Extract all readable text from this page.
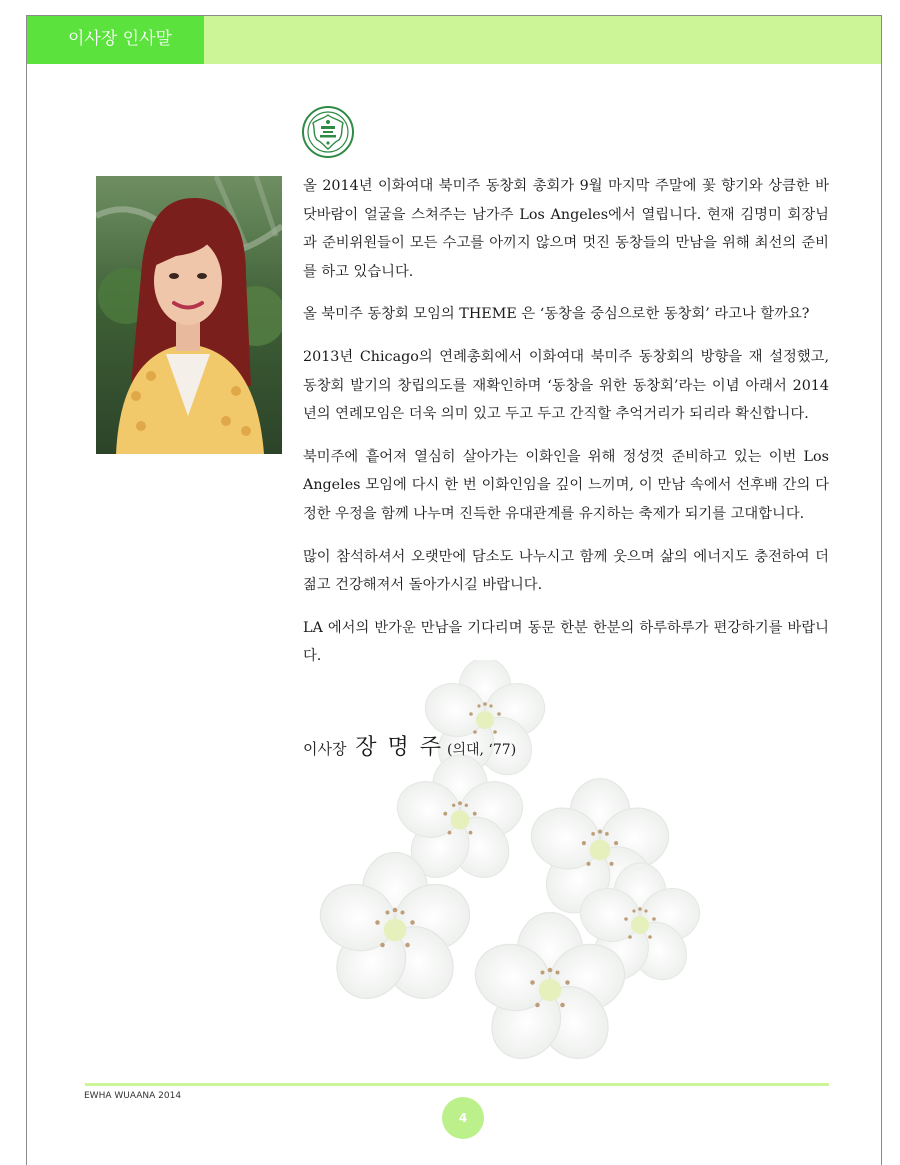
이사장 인사말

올 2014년 이화여대 북미주 동창회 총회가 9월 마지막 주말에 꽃 향기와 상큼한 바닷바람이 얼굴을 스쳐주는 남가주 Los Angeles에서 열립니다. 현재 김명미 회장님과 준비위원들이 모든 수고를 아끼지 않으며 멋진 동창들의 만남을 위해 최선의 준비를 하고 있습니다.

올 북미주 동창회 모임의 THEME 은 ‘동창을 중심으로한 동창회’ 라고나 할까요?

2013년 Chicago의 연례총회에서 이화여대 북미주 동창회의 방향을 재 설정했고, 동창회 발기의 창립의도를 재확인하며 ‘동창을 위한 동창회’라는 이념 아래서 2014년의 연례모임은 더욱 의미 있고 두고 두고 간직할 추억거리가 되리라 확신합니다.

북미주에 흩어져 열심히 살아가는 이화인을 위해 정성껏 준비하고 있는 이번 Los Angeles 모임에 다시 한 번 이화인임을 깊이 느끼며, 이 만남 속에서 선후배 간의 다정한 우정을 함께 나누며 진득한 유대관계를 유지하는 축제가 되기를 고대합니다.

많이 참석하셔서 오랫만에 담소도 나누시고 함께 웃으며 삶의 에너지도 충전하여 더 젊고 건강해져서 돌아가시길 바랍니다.

LA 에서의 반가운 만남을 기다리며 동문 한분 한분의 하루하루가 편강하기를 바랍니다.

이사장 장 명 주 (의대, ‘77)
EWHA WUAANA 2014
4
